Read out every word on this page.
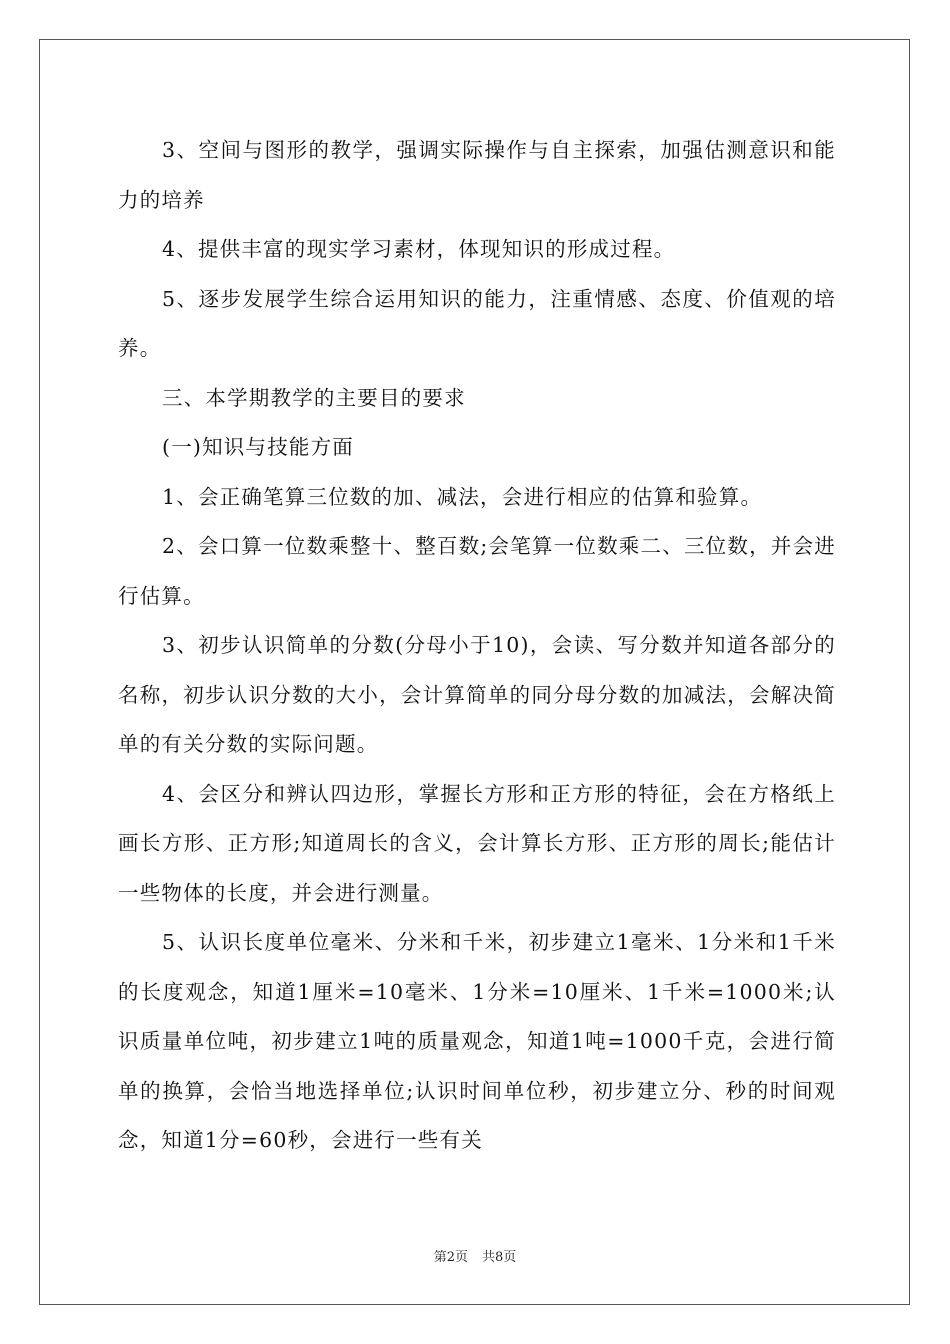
3、空间与图形的教学，强调实际操作与自主探索，加强估测意识和能力的培养

4、提供丰富的现实学习素材，体现知识的形成过程。

5、逐步发展学生综合运用知识的能力，注重情感、态度、价值观的培养。

三、本学期教学的主要目的要求

(一)知识与技能方面

1、会正确笔算三位数的加、减法，会进行相应的估算和验算。

2、会口算一位数乘整十、整百数;会笔算一位数乘二、三位数，并会进行估算。

3、初步认识简单的分数(分母小于10)，会读、写分数并知道各部分的名称，初步认识分数的大小，会计算简单的同分母分数的加减法，会解决简单的有关分数的实际问题。

4、会区分和辨认四边形，掌握长方形和正方形的特征，会在方格纸上画长方形、正方形;知道周长的含义，会计算长方形、正方形的周长;能估计一些物体的长度，并会进行测量。

5、认识长度单位毫米、分米和千米，初步建立1毫米、1分米和1千米的长度观念，知道1厘米=10毫米、1分米=10厘米、1千米=1000米;认识质量单位吨，初步建立1吨的质量观念，知道1吨=1000千克，会进行简单的换算，会恰当地选择单位;认识时间单位秒，初步建立分、秒的时间观念，知道1分=60秒，会进行一些有关

第2页 共8页
